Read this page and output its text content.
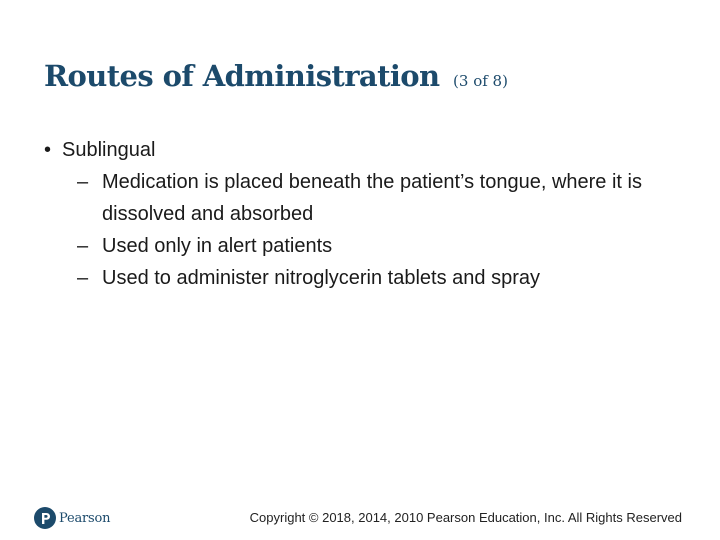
Routes of Administration (3 of 8)
• Sublingual
– Medication is placed beneath the patient’s tongue, where it is dissolved and absorbed
– Used only in alert patients
– Used to administer nitroglycerin tablets and spray
Pearson	Copyright © 2018, 2014, 2010 Pearson Education, Inc. All Rights Reserved
